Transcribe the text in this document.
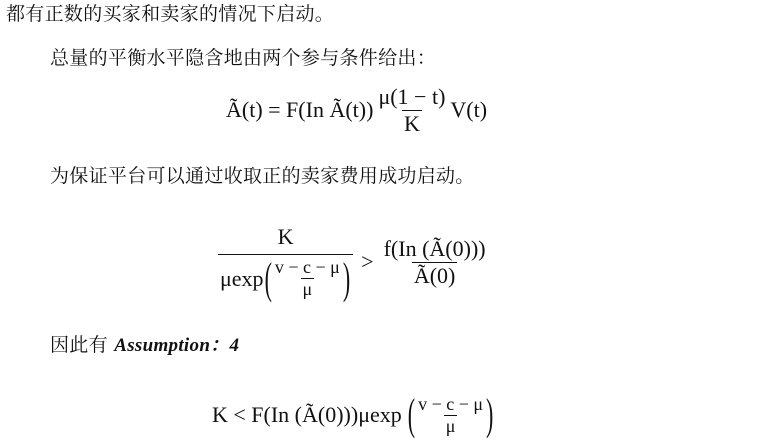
都有正数的买家和卖家的情况下启动。
总量的平衡水平隐含地由两个参与条件给出：
Ã(t) = F(In Ã(t)) $\frac{\mu(1 - t)}{K} V(t)$
为保证平台可以通过收取正的卖家费用成功启动。
K
μexp ( $\frac{v - c - \mu}{\mu}$ ) > $\frac{f(In (Ã(0)))}{Ã(0)}$
因此有 Assumption：4
K < F(In (Ã(0)))μexp ( $\frac{v - c - \mu}{\mu}$ )
